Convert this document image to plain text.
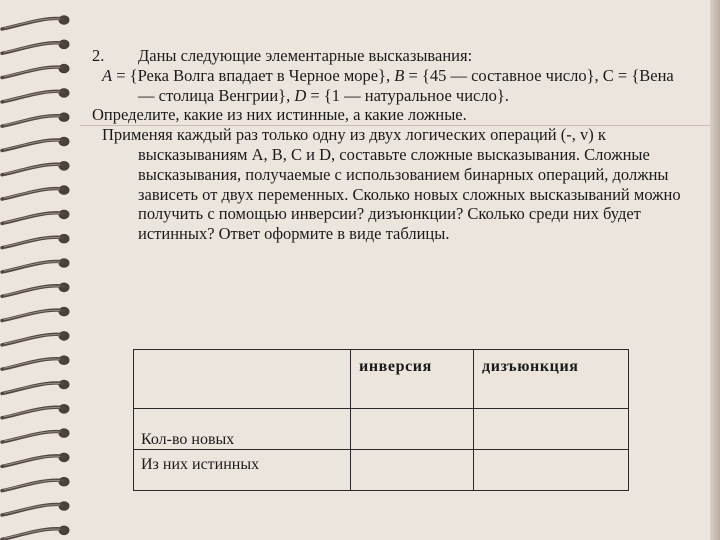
2. Даны следующие элементарные высказывания:

A = {Река Волга впадает в Черное море}, B = {45 — составное число}, С = {Вена — столица Венгрии}, D = {1 — натуральное число}.

Определите, какие из них истинные, а какие ложные.

Применяя каждый раз только одну из двух логических операций (-, v) к высказываниям А, B, C и D, составьте сложные высказывания. Сложные высказывания, получаемые с использованием бинарных операций, должны зависеть от двух переменных. Сколько новых сложных высказываний можно получить с помощью инверсии? дизъюнкции? Сколько среди них будет истинных? Ответ оформите в виде таблицы.

	инверсия	дизъюнкция

Кол-во новых		

Из них истинных		
